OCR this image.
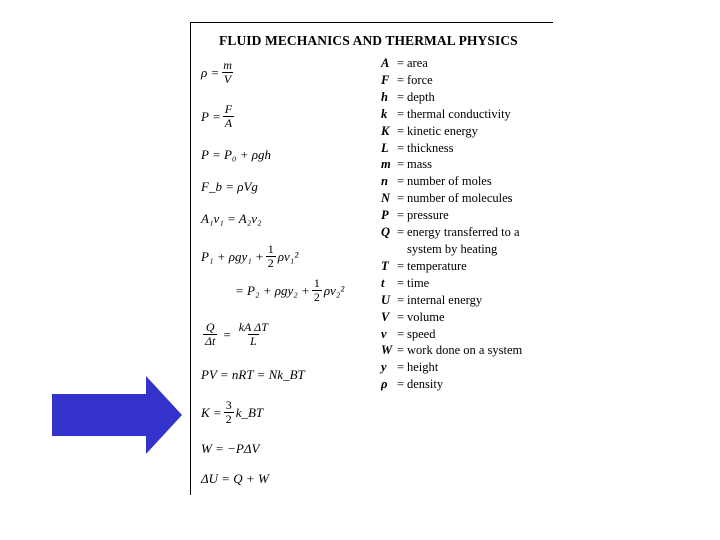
FLUID MECHANICS AND THERMAL PHYSICS
$\rho = \frac{m}{V}$
$P = \frac{F}{A}$
P = P₀ + ρgh
F_b = ρVg
A₁v₁ = A₂v₂
$P_1 + \rho gy_1 + \frac{1}{2} \rho v_1^2$
= $P_2 + \rho gy_2 + \frac{1}{2} \rho v_2^2$
$\frac{Q}{\Delta t} = \frac{\text{kA ΔT}}{L}$
PV = nRT = Nk_BT
$K = \frac{3}{2}$ k_BT
W = −PΔV
ΔU = Q + W
A = area
F = force
h = depth
k = thermal conductivity
K = kinetic energy
L = thickness
m = mass
n = number of moles
N = number of molecules
P = pressure
Q = energy transferred to a
system by heating
T = temperature
t	= time
U = internal energy
V = volume
v = speed
W = work done on a system
y = height
ρ = density
